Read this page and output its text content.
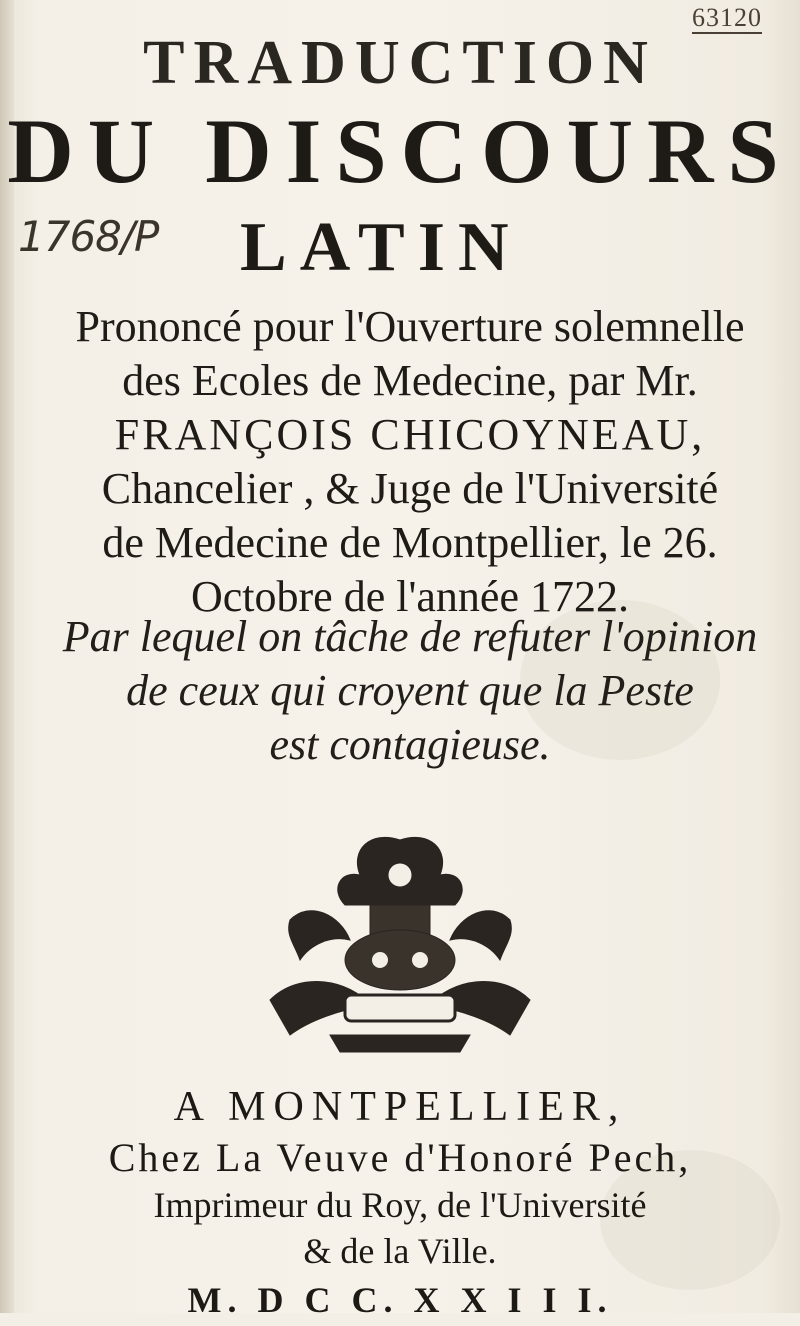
63120
TRADUCTION
DU DISCOURS
1768/P LATIN
Prononcé pour l'Ouverture solemnelle
des Ecoles de Medecine, par Mr.
FRANÇOIS CHICOYNEAU,
Chancelier , & Juge de l'Université
de Medecine de Montpellier, le 26.
Octobre de l'année 1722.
Par lequel on tâche de refuter l'opinion
de ceux qui croyent que la Peste
est contagieuse.
A MONTPELLIER,
Chez La Veuve d'Honoré Pech,
Imprimeur du Roy, de l'Université
& de la Ville.
M. D C C. X X I I I.
